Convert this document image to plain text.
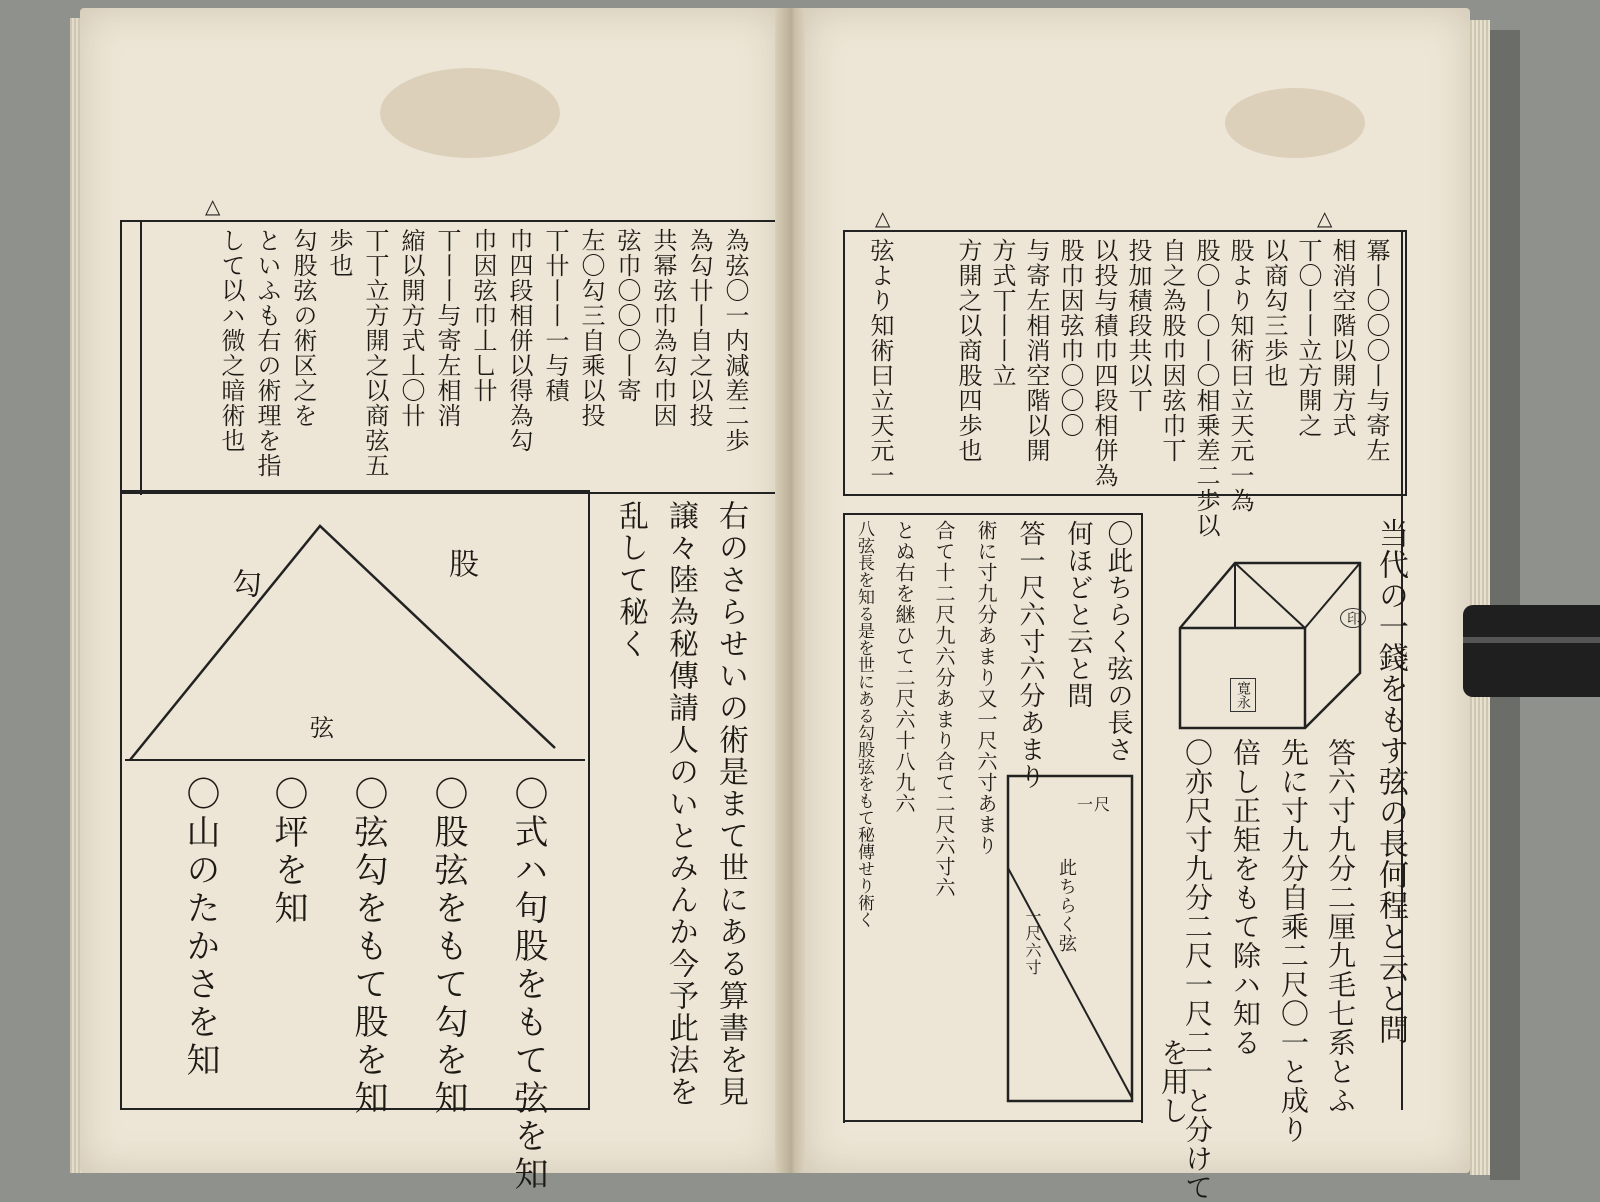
△
為弦〇一内減差二歩
為勾卄丨自之以投
共幂弦巾為勾巾因
弦巾〇〇〇丨寄
左〇勾三自乘以投
丅卄丨丨一与積
巾四段相併以得為勾
巾因弦巾丄乚卄
丅丨丨与寄左相消
縮以開方式丄〇卄
丅丅立方開之以商弦五
歩也
勾股弦の術区之を
といふも右の術理を指
して以ハ微之暗術也
勾
股
弦
〇式ハ句股をもて弦を知
〇股弦をもて勾を知
〇弦勾をもて股を知
〇坪を知
〇山のたかさを知	右のさらせいの術是まて世にある算書を見
譲々陸為秘傳請人のいとみんか今予此法を
乱して秘く
△	△
冪丨〇〇〇丨与寄左
相消空階以開方式
丅〇丨丨立方開之
以商勾三歩也
股より知術曰立天元一為
股〇丨〇丨〇相乗差二歩以
自之為股巾因弦巾丅
投加積段共以丅
以投与積巾四段相併為
股巾因弦巾〇〇〇
与寄左相消空階以開
方式丅丨丨立
方開之以商股四歩也
弦より知術曰立天元一
印
寛永
一尺
此ちらく弦
一尺六寸	当代の一錢をもす弦の長何程と云と問
答六寸九分二厘九毛七系とふ
先に寸九分自乘二尺〇一と成り
倍し正矩をもて除ハ知る
〇亦尺寸九分二尺一尺二一と分けて
を用し
〇此ちらく弦の長さ
何ほどと云と問
答一尺六寸六分あまり
術に寸九分あまり又一尺六寸あまり
合て十二尺九六分あまり合て二尺六寸六
とぬ右を継ひて二尺六十八九六
八弦長を知る是を世にある勾股弦をもて秘傳せり術く
